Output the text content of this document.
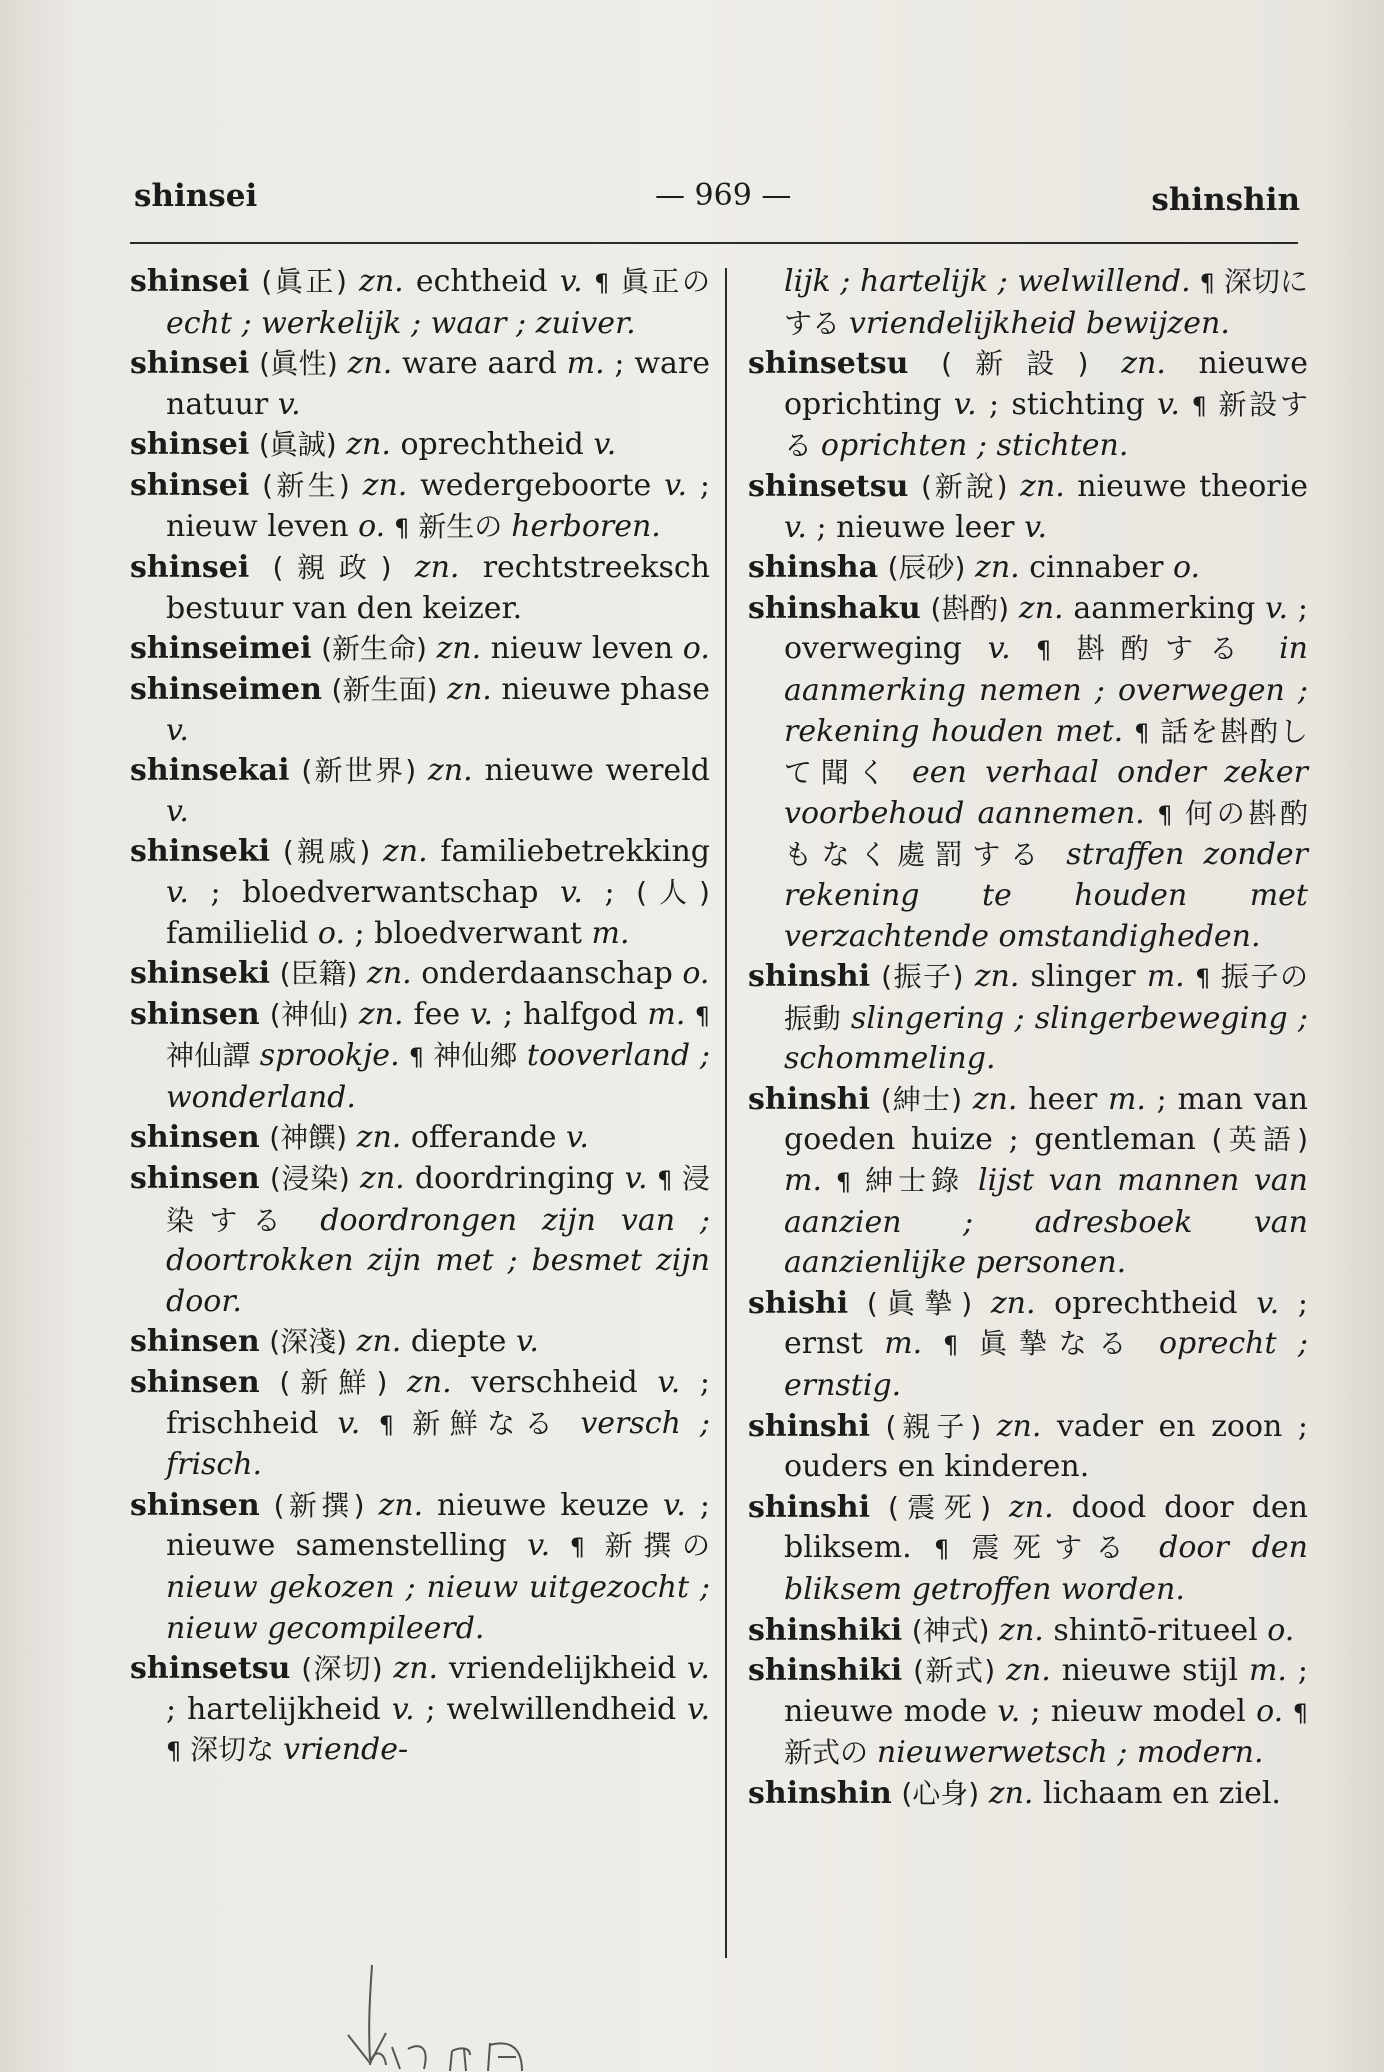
shinsei	— 969 —	shinshin

shinsei (眞正) zn. echtheid v. ¶ 眞正の echt ; werkelijk ; waar ; zuiver.

shinsei (眞性) zn. ware aard m. ; ware natuur v.

shinsei (眞誠) zn. oprechtheid v.

shinsei (新生) zn. wedergeboorte v. ; nieuw leven o. ¶ 新生の herboren.

shinsei (親政) zn. rechtstreeksch bestuur van den keizer.

shinseimei (新生命) zn. nieuw leven o.

shinseimen (新生面) zn. nieuwe phase v.

shinsekai (新世界) zn. nieuwe wereld v.

shinseki (親戚) zn. familiebetrekking v. ; bloedverwantschap v. ; (人) familielid o. ; bloedverwant m.

shinseki (臣籍) zn. onderdaanschap o.

shinsen (神仙) zn. fee v. ; halfgod m. ¶ 神仙譚 sprookje. ¶ 神仙郷 tooverland ; wonderland.

shinsen (神饌) zn. offerande v.

shinsen (浸染) zn. doordringing v. ¶ 浸染する doordrongen zijn van ; doortrokken zijn met ; besmet zijn door.

shinsen (深淺) zn. diepte v.

shinsen (新鮮) zn. verschheid v. ; frischheid v. ¶ 新鮮なる versch ; frisch.

shinsen (新撰) zn. nieuwe keuze v. ; nieuwe samenstelling v. ¶ 新撰の nieuw gekozen ; nieuw uitgezocht ; nieuw gecompileerd.

shinsetsu (深切) zn. vriendelijkheid v. ; hartelijkheid v. ; welwillendheid v. ¶ 深切な vriende-

lijk ; hartelijk ; welwillend. ¶ 深切にする vriendelijkheid bewijzen.

shinsetsu (新設) zn. nieuwe oprichting v. ; stichting v. ¶ 新設する oprichten ; stichten.

shinsetsu (新說) zn. nieuwe theorie v. ; nieuwe leer v.

shinsha (辰砂) zn. cinnaber o.

shinshaku (斟酌) zn. aanmerking v. ; overweging v. ¶ 斟酌する in aanmerking nemen ; overwegen ; rekening houden met. ¶ 話を斟酌して聞く een verhaal onder zeker voorbehoud aannemen. ¶ 何の斟酌もなく處罰する straffen zonder rekening te houden met verzachtende omstandigheden.

shinshi (振子) zn. slinger m. ¶ 振子の振動 slingering ; slingerbeweging ; schommeling.

shinshi (紳士) zn. heer m. ; man van goeden huize ; gentleman (英語) m. ¶ 紳士錄 lijst van mannen van aanzien ; adresboek van aanzienlijke personen.

shishi (眞摯) zn. oprechtheid v. ; ernst m. ¶ 眞摯なる oprecht ; ernstig.

shinshi (親子) zn. vader en zoon ; ouders en kinderen.

shinshi (震死) zn. dood door den bliksem. ¶ 震死する door den bliksem getroffen worden.

shinshiki (神式) zn. shintō-ritueel o.

shinshiki (新式) zn. nieuwe stijl m. ; nieuwe mode v. ; nieuw model o. ¶ 新式の nieuwerwetsch ; modern.

shinshin (心身) zn. lichaam en ziel.
